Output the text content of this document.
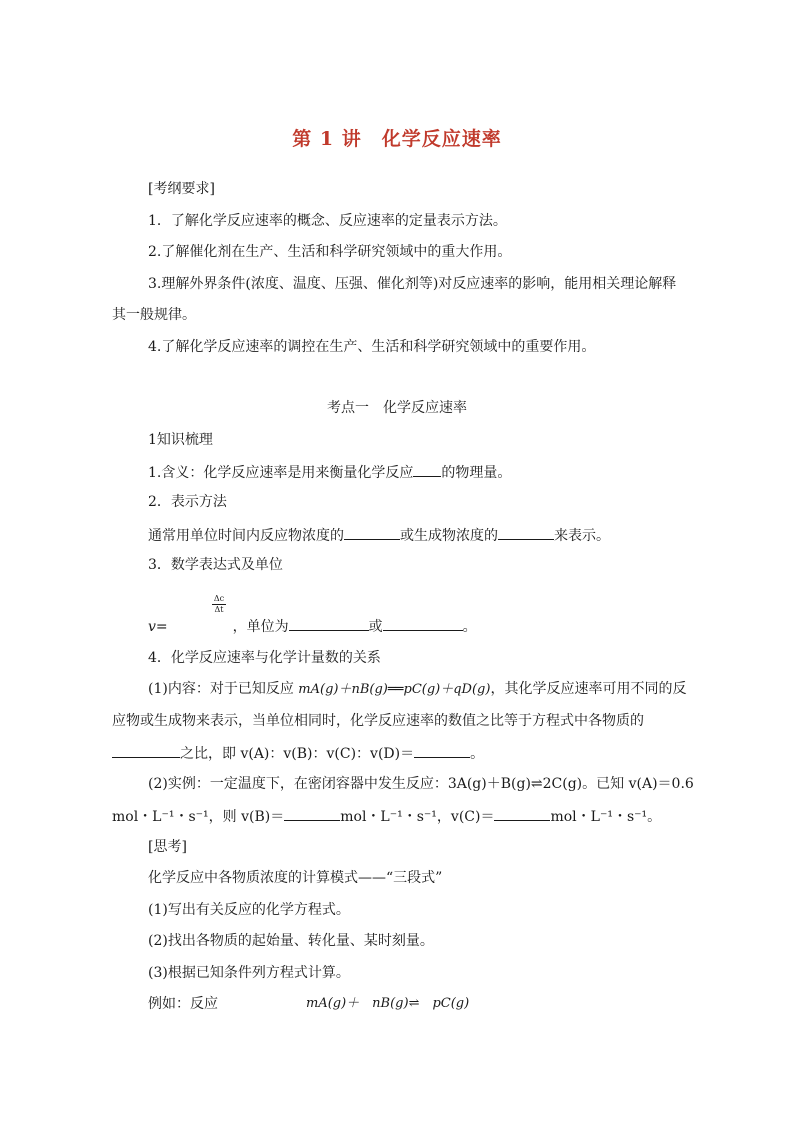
第 1 讲　化学反应速率
[考纲要求]
1．了解化学反应速率的概念、反应速率的定量表示方法。
2.了解催化剂在生产、生活和科学研究领域中的重大作用。
3.理解外界条件(浓度、温度、压强、催化剂等)对反应速率的影响，能用相关理论解释
其一般规律。
4.了解化学反应速率的调控在生产、生活和科学研究领域中的重要作用。
考点一　化学反应速率
1知识梳理
1.含义：化学反应速率是用来衡量化学反应 的物理量。
2．表示方法
通常用单位时间内反应物浓度的	或生成物浓度的	来表示。
3．数学表达式及单位
$\frac{\Delta c}{\Delta t}$
v=	，单位为	或	。
4．化学反应速率与化学计量数的关系
(1)内容：对于已知反应 mA(g)＋nB(g)══pC(g)＋qD(g)，其化学反应速率可用不同的反
应物或生成物来表示，当单位相同时，化学反应速率的数值之比等于方程式中各物质的
之比，即 v(A)：v(B)：v(C)：v(D)＝	。
(2)实例：一定温度下，在密闭容器中发生反应：3A(g)＋B(g)⇌2C(g)。已知 v(A)＝0.6
mol・L⁻¹・s⁻¹，则 v(B)＝	mol・L⁻¹・s⁻¹，v(C)＝	mol・L⁻¹・s⁻¹。
[思考]
化学反应中各物质浓度的计算模式——“三段式”
(1)写出有关反应的化学方程式。
(2)找出各物质的起始量、转化量、某时刻量。
(3)根据已知条件列方程式计算。
例如：反应	mA(g)＋　nB(g)⇌　pC(g)
